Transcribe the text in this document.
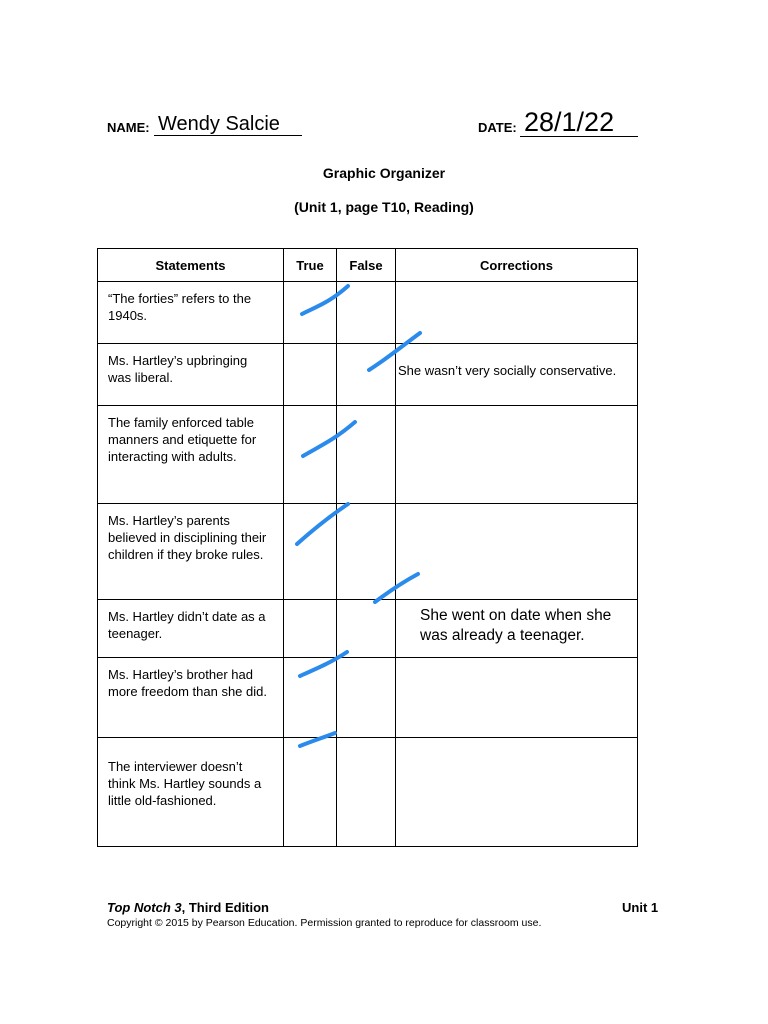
NAME: Wendy Salcie	DATE: 28/1/22
Graphic Organizer
(Unit 1, page T10, Reading)
Statements	True	False	Corrections
“The forties” refers to the 1940s.			

Ms. Hartley’s upbringing was liberal.			She wasn’t very socially conservative.

The family enforced table manners and etiquette for interacting with adults.			

Ms. Hartley’s parents believed in disciplining their children if they broke rules.			

Ms. Hartley didn’t date as a teenager.			She went on date when she was already a teenager.

Ms. Hartley’s brother had more freedom than she did.			

The interviewer doesn’t think Ms. Hartley sounds a little old-fashioned.			
Top Notch 3, Third Edition	Unit 1
Copyright © 2015 by Pearson Education. Permission granted to reproduce for classroom use.
